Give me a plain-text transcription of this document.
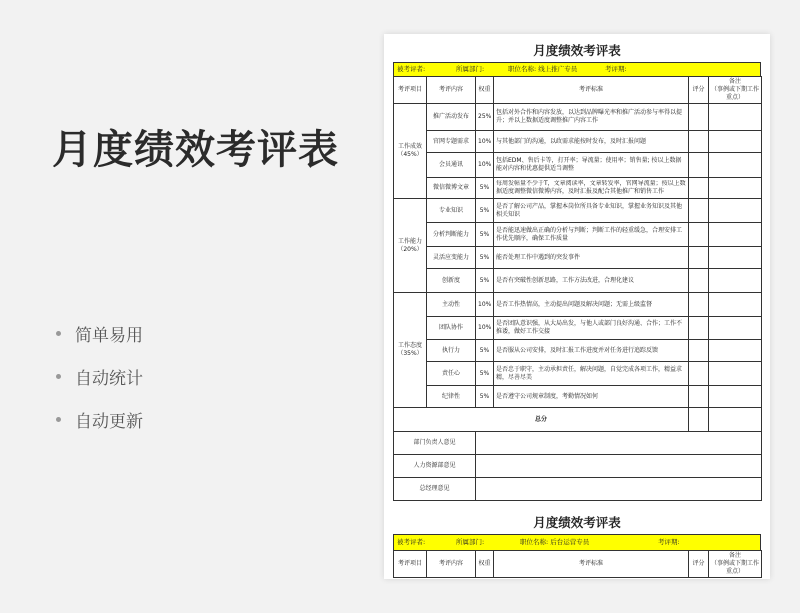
月度绩效考评表
简单易用
自动统计
自动更新
月度绩效考评表
被考评者:	所属部门:	职位名称: 线上推广专员	考评期:
考评项目	考评内容	权重	考评标准	评分	备注
（事例或下期工作重点）

工作成效
（45%）	推广活动发布	25%	包括对外合作和内容发放，以达到品牌曝光率和推广活动参与率得以提升；并以上数据适度调整推广内容工作		
	官网专题需求	10%	与其他部门的沟通，以政需求能按时发布，及时汇报问题		
	会员通讯	10%	包括EDM、售后卡等，打开率；导流量；使用率；销售量; 按以上数据能对内容和优惠提供适当调整		
	微信微博文章	5%	每周发帖量不少于T，文章阅读率，文章转发率，官网导流量；按以上数据适度调整微信微博内容，及时汇报及配合其他推广和销售工作		

工作能力
（20%）	专业知识	5%	是否了解公司产品，掌握本岗位所具备专业知识，掌握业务知识及其他相关知识		
	分析判断能力	5%	是否能迅速做出正确的分析与判断；判断工作的轻重缓急，合理安排工作优先顺序，确保工作质量		
	灵活应变能力	5%	能否处理工作中遇到的突发事件		
	创新度	5%	是否有突破性创新思路，工作方法改进，合理化建议		

工作态度
（35%）	主动性	10%	是否工作热情高，主动提出问题及解决问题；无需上级监督		
	团队协作	10%	是否团队意识强，从大局出发，与他人或部门良好沟通、合作；工作不推诿，做好工作交接		
	执行力	5%	是否服从公司安排，及时汇报工作进度并对任务进行追踪反馈		
	责任心	5%	是否忠于职守，主动承担责任，解决问题，自觉完成各项工作，精益求精，尽善尽美		
	纪律性	5%	是否遵守公司规章制度，考勤情况如何		
总分					
部门负责人意见					
人力资源部意见					
总经理意见					
月度绩效考评表
被考评者:	所属部门:	职位名称: 后台运营专员	考评期:
考评项目	考评内容	权重	考评标准	评分	
备注
（事例或下期工作重点）
